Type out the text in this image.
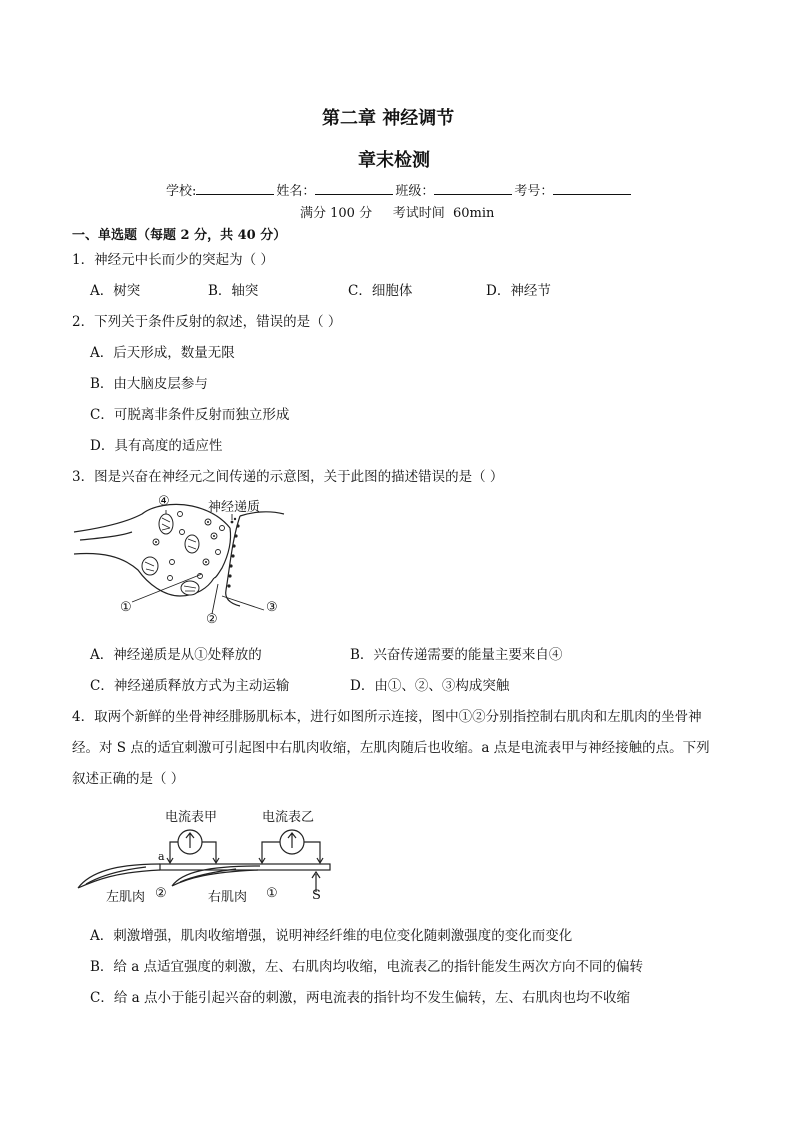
第二章 神经调节
章末检测
学校:	姓名：	班级：	考号：
满分 100 分     考试时间  60min
一、单选题（每题 2 分，共 40 分）
1．神经元中长而少的突起为（ ）
A．树突	B．轴突	C．细胞体	D．神经节
2．下列关于条件反射的叙述，错误的是（ ）
A．后天形成，数量无限
B．由大脑皮层参与
C．可脱离非条件反射而独立形成
D．具有高度的适应性
3．图是兴奋在神经元之间传递的示意图，关于此图的描述错误的是（ ）
④	神经递质
①
②
③
A．神经递质是从①处释放的	B．兴奋传递需要的能量主要来自④
C．神经递质释放方式为主动运输	D．由①、②、③构成突触
4．取两个新鲜的坐骨神经腓肠肌标本，进行如图所示连接，图中①②分别指控制右肌肉和左肌肉的坐骨神
经。对 S 点的适宜刺激可引起图中右肌肉收缩，左肌肉随后也收缩。a 点是电流表甲与神经接触的点。下列
叙述正确的是（ ）
电流表甲	电流表乙
a
左肌肉 ②	右肌肉 ①	S
A．刺激增强，肌肉收缩增强，说明神经纤维的电位变化随刺激强度的变化而变化
B．给 a 点适宜强度的刺激，左、右肌肉均收缩，电流表乙的指针能发生两次方向不同的偏转
C．给 a 点小于能引起兴奋的刺激，两电流表的指针均不发生偏转，左、右肌肉也均不收缩
